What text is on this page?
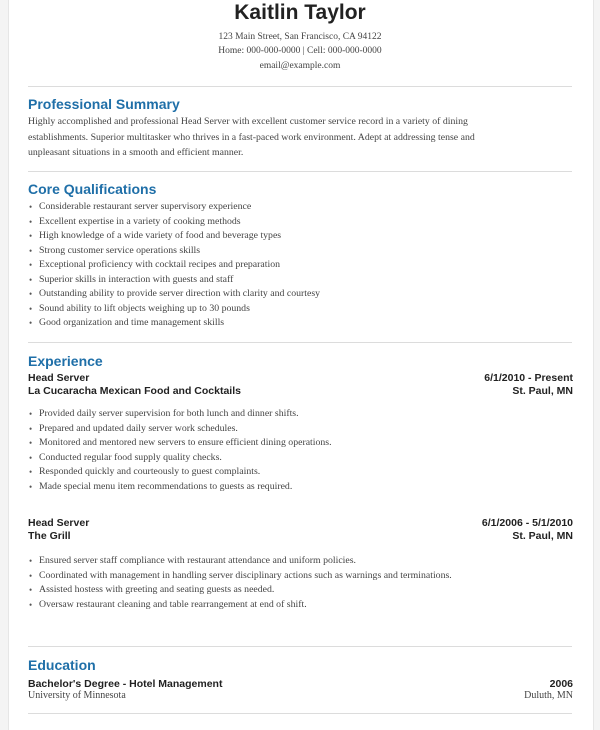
Kaitlin Taylor
123 Main Street, San Francisco, CA 94122
Home: 000-000-0000 | Cell: 000-000-0000
email@example.com
Professional Summary
Highly accomplished and professional Head Server with excellent customer service record in a variety of dining
establishments. Superior multitasker who thrives in a fast-paced work environment. Adept at addressing tense and
unpleasant situations in a smooth and efficient manner.
Core Qualifications
• Considerable restaurant server supervisory experience
• Excellent expertise in a variety of cooking methods
• High knowledge of a wide variety of food and beverage types
• Strong customer service operations skills
• Exceptional proficiency with cocktail recipes and preparation
• Superior skills in interaction with guests and staff
• Outstanding ability to provide server direction with clarity and courtesy
• Sound ability to lift objects weighing up to 30 pounds
• Good organization and time management skills
Experience
Head Server	6/1/2010 - Present
La Cucaracha Mexican Food and Cocktails	St. Paul, MN
• Provided daily server supervision for both lunch and dinner shifts.
• Prepared and updated daily server work schedules.
• Monitored and mentored new servers to ensure efficient dining operations.
• Conducted regular food supply quality checks.
• Responded quickly and courteously to guest complaints.
• Made special menu item recommendations to guests as required.
Head Server	6/1/2006 - 5/1/2010
The Grill	St. Paul, MN
• Ensured server staff compliance with restaurant attendance and uniform policies.
• Coordinated with management in handling server disciplinary actions such as warnings and terminations.
• Assisted hostess with greeting and seating guests as needed.
• Oversaw restaurant cleaning and table rearrangement at end of shift.
Education
Bachelor's Degree - Hotel Management	2006
University of Minnesota	Duluth, MN
